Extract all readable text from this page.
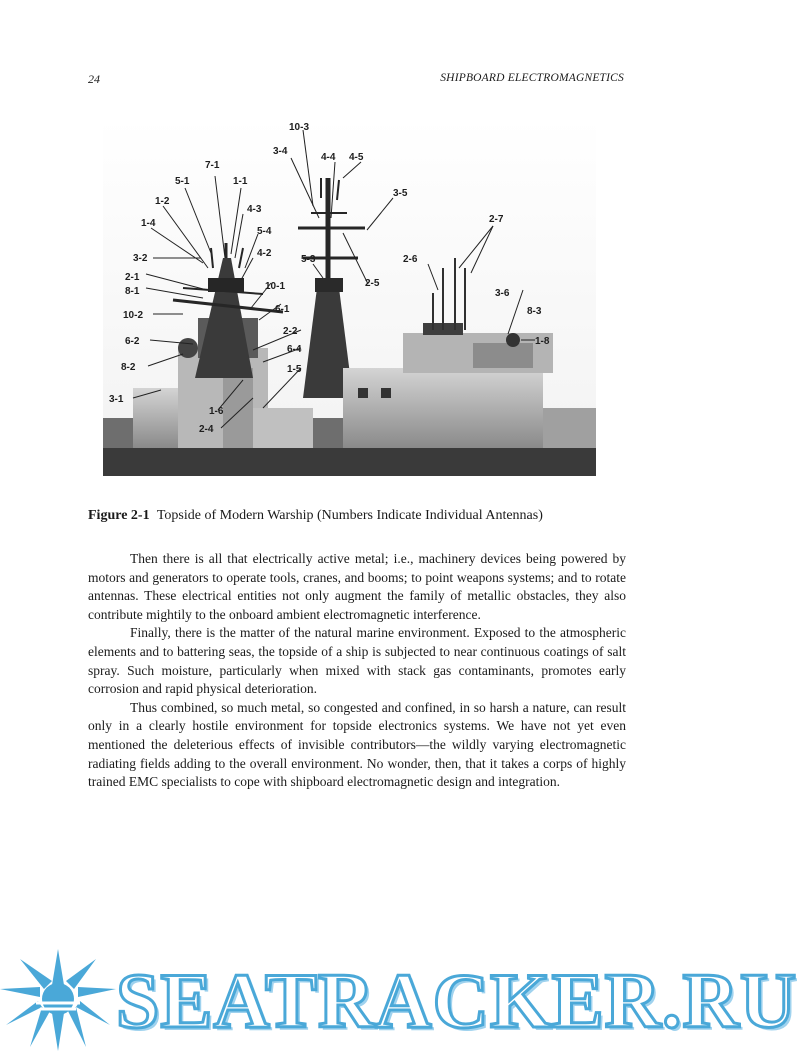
24	SHIPBOARD ELECTROMAGNETICS
10-3
3-4
4-4 4-5
7-1
5-1	1-1
3-5
1-2
4-3
2-7
1-4
5-4
4-2
3-2	5-3	2-6
2-1
8-1	10-1	2-5
3-6
10-2
6-1	8-3
6-2
2-2
1-8
6-4
8-2	1-5
3-1
1-6
2-4
Figure 2-1 Topside of Modern Warship (Numbers Indicate Individual Antennas)

Then there is all that electrically active metal; i.e., machinery devices being powered by motors and generators to operate tools, cranes, and booms; to point weapons systems; and to rotate antennas. These electrical entities not only augment the family of metallic obstacles, they also contribute mightily to the onboard ambient electromagnetic interference.

Finally, there is the matter of the natural marine environment. Exposed to the atmospheric elements and to battering seas, the topside of a ship is subjected to near continuous coatings of salt spray. Such moisture, particularly when mixed with stack gas contaminants, promotes early corrosion and rapid physical deterioration.

Thus combined, so much metal, so congested and confined, in so harsh a nature, can result only in a clearly hostile environment for topside electronics systems. We have not yet even mentioned the deleterious effects of invisible contributors—the wildly varying electromagnetic radiating fields adding to the overall environment. No wonder, then, that it takes a corps of highly trained EMC specialists to cope with shipboard electromagnetic design and integration.

SEATRACKER.RU
